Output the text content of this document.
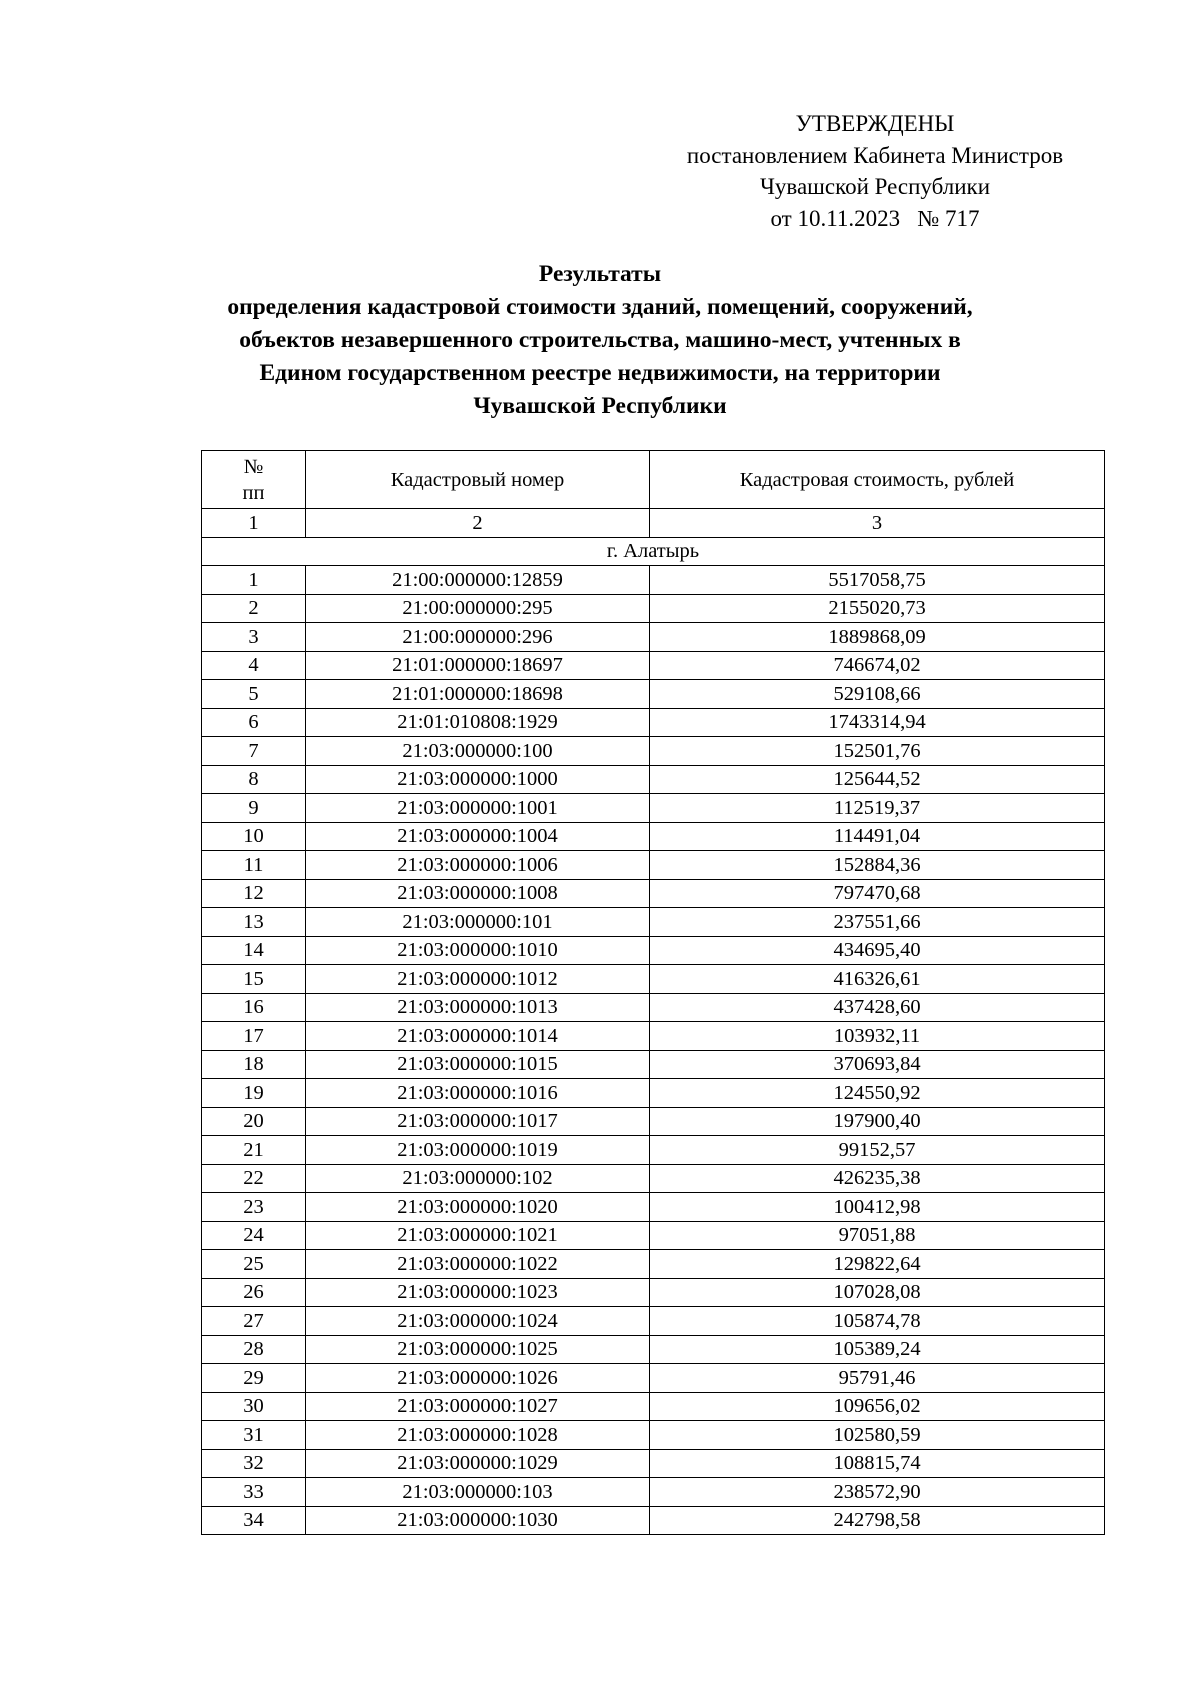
УТВЕРЖДЕНЫ
постановлением Кабинета Министров
Чувашской Республики
от 10.11.2023   № 717
Результаты
определения кадастровой стоимости зданий, помещений, сооружений,
объектов незавершенного строительства, машино-мест, учтенных в
Едином государственном реестре недвижимости, на территории
Чувашской Республики
№
пп	Кадастровый номер	Кадастровая стоимость, рублей
1	2	3
г. Алатырь		
1	21:00:000000:12859	5517058,75
2	21:00:000000:295	2155020,73
3	21:00:000000:296	1889868,09
4	21:01:000000:18697	746674,02
5	21:01:000000:18698	529108,66
6	21:01:010808:1929	1743314,94
7	21:03:000000:100	152501,76
8	21:03:000000:1000	125644,52
9	21:03:000000:1001	112519,37
10	21:03:000000:1004	114491,04
11	21:03:000000:1006	152884,36
12	21:03:000000:1008	797470,68
13	21:03:000000:101	237551,66
14	21:03:000000:1010	434695,40
15	21:03:000000:1012	416326,61
16	21:03:000000:1013	437428,60
17	21:03:000000:1014	103932,11
18	21:03:000000:1015	370693,84
19	21:03:000000:1016	124550,92
20	21:03:000000:1017	197900,40
21	21:03:000000:1019	99152,57
22	21:03:000000:102	426235,38
23	21:03:000000:1020	100412,98
24	21:03:000000:1021	97051,88
25	21:03:000000:1022	129822,64
26	21:03:000000:1023	107028,08
27	21:03:000000:1024	105874,78
28	21:03:000000:1025	105389,24
29	21:03:000000:1026	95791,46
30	21:03:000000:1027	109656,02
31	21:03:000000:1028	102580,59
32	21:03:000000:1029	108815,74
33	21:03:000000:103	238572,90
34	21:03:000000:1030	242798,58
